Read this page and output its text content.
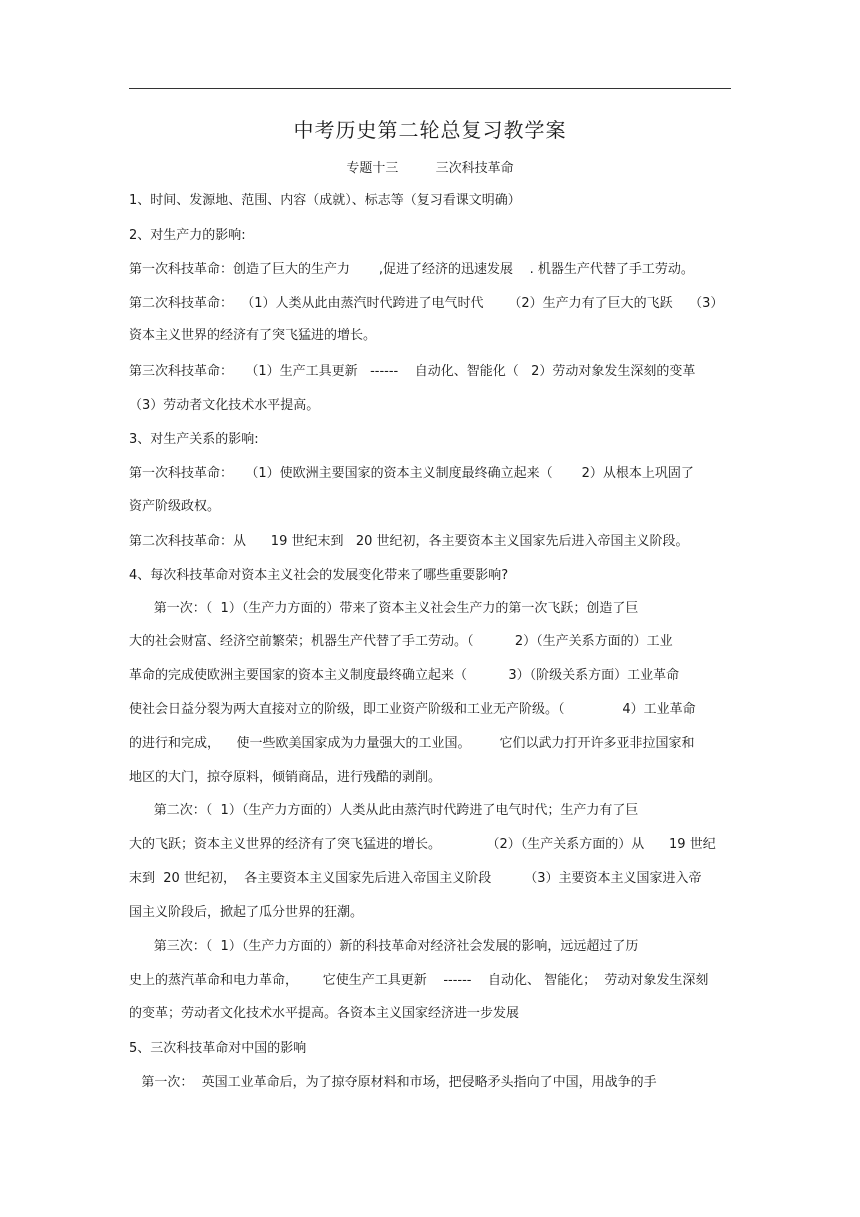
中考历史第二轮总复习教学案
专题十三         三次科技革命
1、时间、发源地、范围、内容（成就）、标志等（复习看课文明确）
2、对生产力的影响:
第一次科技革命：创造了巨大的生产力       ,促进了经济的迅速发展    . 机器生产代替了手工劳动。
第二次科技革命：  （1）人类从此由蒸汽时代跨进了电气时代      （2）生产力有了巨大的飞跃    （3）
资本主义世界的经济有了突飞猛进的增长。
第三次科技革命：   （1）生产工具更新   ------    自动化、智能化（   2）劳动对象发生深刻的变革
（3）劳动者文化技术水平提高。
3、对生产关系的影响:
第一次科技革命：   （1）使欧洲主要国家的资本主义制度最终确立起来（       2）从根本上巩固了
资产阶级政权。
第二次科技革命：从      19 世纪末到   20 世纪初，各主要资本主义国家先后进入帝国主义阶段。
4、每次科技革命对资本主义社会的发展变化带来了哪些重要影响?
第一次：（  1）（生产力方面的）带来了资本主义社会生产力的第一次飞跃；创造了巨
大的社会财富、经济空前繁荣；机器生产代替了手工劳动。（          2）（生产关系方面的）工业
革命的完成使欧洲主要国家的资本主义制度最终确立起来（          3）（阶级关系方面）工业革命
使社会日益分裂为两大直接对立的阶级，即工业资产阶级和工业无产阶级。（              4）工业革命
的进行和完成，    使一些欧美国家成为力量强大的工业国。       它们以武力打开许多亚非拉国家和
地区的大门，掠夺原料，倾销商品，进行残酷的剥削。
第二次：（  1）（生产力方面的）人类从此由蒸汽时代跨进了电气时代；生产力有了巨
大的飞跃；资本主义世界的经济有了突飞猛进的增长。           （2）（生产关系方面的）从      19 世纪
末到  20 世纪初，  各主要资本主义国家先后进入帝国主义阶段        （3）主要资本主义国家进入帝
国主义阶段后，掀起了瓜分世界的狂潮。
第三次：（  1）（生产力方面的）新的科技革命对经济社会发展的影响，远远超过了历
史上的蒸汽革命和电力革命，      它使生产工具更新    ------    自动化、 智能化；  劳动对象发生深刻
的变革；劳动者文化技术水平提高。各资本主义国家经济进一步发展
5、三次科技革命对中国的影响
第一次：  英国工业革命后，为了掠夺原材料和市场，把侵略矛头指向了中国，用战争的手
